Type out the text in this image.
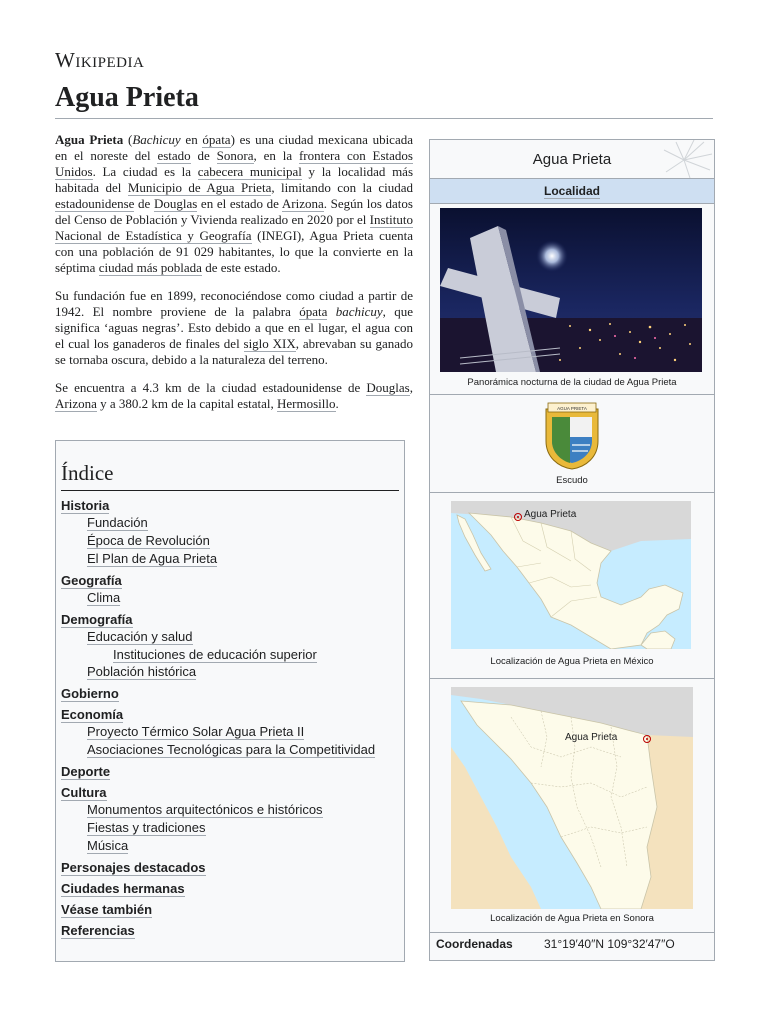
Wikipedia
Agua Prieta

Agua Prieta (Bachicuy en ópata) es una ciudad mexicana ubicada en el noreste del estado de Sonora, en la frontera con Estados Unidos. La ciudad es la cabecera municipal y la localidad más habitada del Municipio de Agua Prieta, limitando con la ciudad estadounidense de Douglas en el estado de Arizona. Según los datos del Censo de Población y Vivienda realizado en 2020 por el Instituto Nacional de Estadística y Geografía (INEGI), Agua Prieta cuenta con una población de 91 029 habitantes, lo que la convierte en la séptima ciudad más poblada de este estado.

Su fundación fue en 1899, reconociéndose como ciudad a partir de 1942. El nombre proviene de la palabra ópata bachicuy, que significa ‘aguas negras’. Esto debido a que en el lugar, el agua con el cual los ganaderos de finales del siglo XIX, abrevaban su ganado se tornaba oscura, debido a la naturaleza del terreno.

Se encuentra a 4.3 km de la ciudad estadounidense de Douglas, Arizona y a 380.2 km de la capital estatal, Hermosillo.

Índice
Historia
Fundación
Época de Revolución
El Plan de Agua Prieta
Geografía
Clima
Demografía
Educación y salud
Instituciones de educación superior
Población histórica
Gobierno
Economía
Proyecto Térmico Solar Agua Prieta II
Asociaciones Tecnológicas para la Competitividad
Deporte
Cultura
Monumentos arquitectónicos e históricos
Fiestas y tradiciones
Música
Personajes destacados
Ciudades hermanas
Véase también
Referencias
Agua Prieta
Localidad
Panorámica nocturna de la ciudad de Agua Prieta
AGUA PRIETA
Escudo
Agua Prieta
Localización de Agua Prieta en México
Agua Prieta
Localización de Agua Prieta en Sonora
Coordenadas	31°19′40″N 109°32′47″O
